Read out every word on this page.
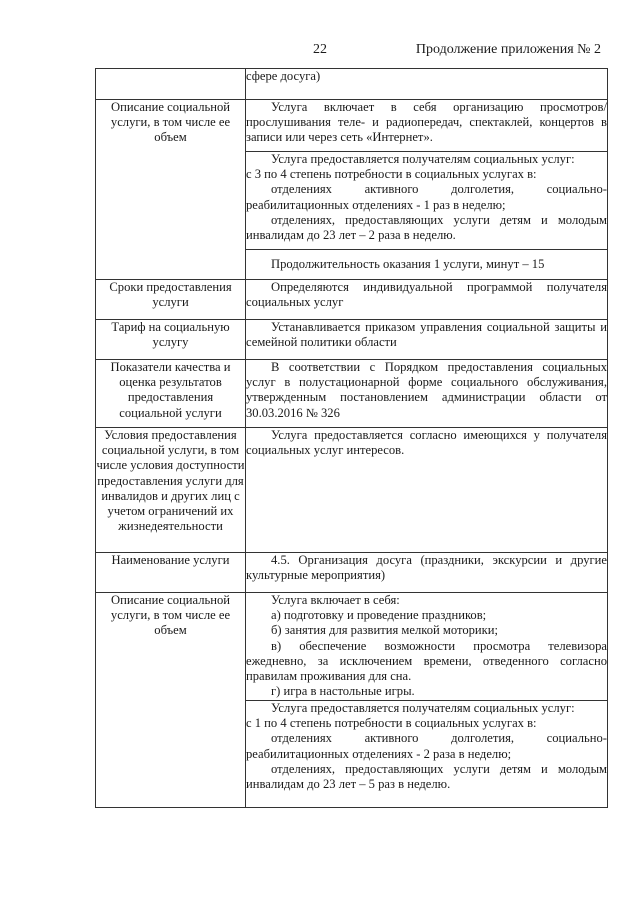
22	Продолжение приложения № 2

	сфере досуга)

Описание социальной услуги, в том числе ее объем	Услуга включает в себя организацию просмотров/прослушивания теле- и радиопередач, спектаклей, концертов в записи или через сеть «Интернет».

	Услуга предоставляется получателям социальных услуг:

с 3 по 4 степень потребности в социальных услугах в:

отделениях активного долголетия, социально-реабилитационных отделениях - 1 раз в неделю;

отделениях, предоставляющих услуги детям и молодым инвалидам до 23 лет – 2 раза в неделю.

	Продолжительность оказания 1 услуги, минут – 15

Сроки предоставления услуги	Определяются индивидуальной программой получателя социальных услуг

Тариф на социальную услугу	Устанавливается приказом управления социальной защиты и семейной политики области

Показатели качества и оценка результатов предоставления социальной услуги	В соответствии с Порядком предоставления социальных услуг в полустационарной форме социального обслуживания, утвержденным постановлением администрации области от 30.03.2016 № 326

Условия предоставления социальной услуги, в том числе условия доступности предоставления услуги для инвалидов и других лиц с учетом ограничений их жизнедеятельности	Услуга предоставляется согласно имеющихся у получателя социальных услуг интересов.

Наименование услуги	4.5. Организация досуга (праздники, экскурсии и другие культурные мероприятия)

Описание социальной услуги, в том числе ее объем	Услуга включает в себя:

а) подготовку и проведение праздников;

б) занятия для развития мелкой моторики;

в) обеспечение возможности просмотра телевизора ежедневно, за исключением времени, отведенного согласно правилам проживания для сна.

г) игра в настольные игры.

	Услуга предоставляется получателям социальных услуг:

с 1 по 4 степень потребности в социальных услугах в:

отделениях активного долголетия, социально-реабилитационных отделениях - 2 раза в неделю;

отделениях, предоставляющих услуги детям и молодым инвалидам до 23 лет – 5 раз в неделю.
